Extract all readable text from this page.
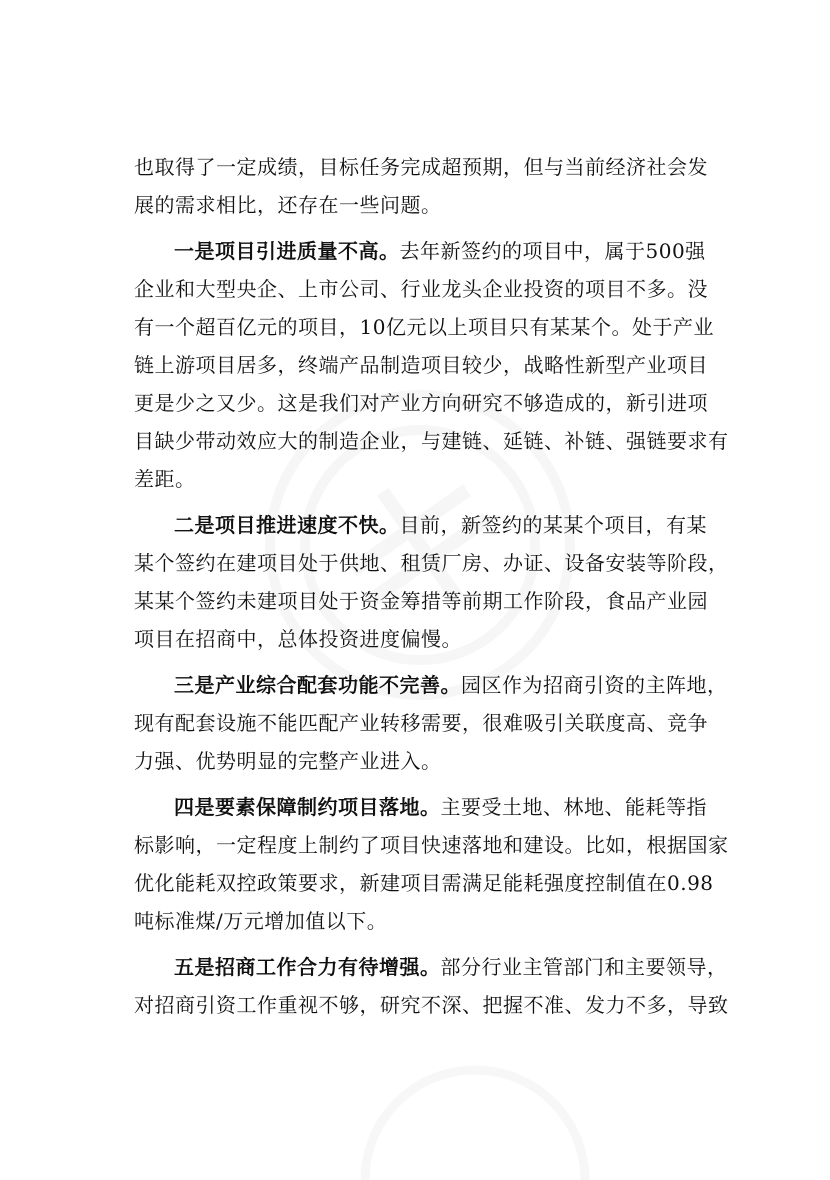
也取得了一定成绩，目标任务完成超预期，但与当前经济社会发
展的需求相比，还存在一些问题。

一是项目引进质量不高。去年新签约的项目中，属于500强
企业和大型央企、上市公司、行业龙头企业投资的项目不多。没
有一个超百亿元的项目，10亿元以上项目只有某某个。处于产业
链上游项目居多，终端产品制造项目较少，战略性新型产业项目
更是少之又少。这是我们对产业方向研究不够造成的，新引进项
目缺少带动效应大的制造企业，与建链、延链、补链、强链要求有
差距。

二是项目推进速度不快。目前，新签约的某某个项目，有某
某个签约在建项目处于供地、租赁厂房、办证、设备安装等阶段，
某某个签约未建项目处于资金筹措等前期工作阶段，食品产业园
项目在招商中，总体投资进度偏慢。

三是产业综合配套功能不完善。园区作为招商引资的主阵地，
现有配套设施不能匹配产业转移需要，很难吸引关联度高、竞争
力强、优势明显的完整产业进入。

四是要素保障制约项目落地。主要受土地、林地、能耗等指
标影响，一定程度上制约了项目快速落地和建设。比如，根据国家
优化能耗双控政策要求，新建项目需满足能耗强度控制值在0.98
吨标准煤/万元增加值以下。

五是招商工作合力有待增强。部分行业主管部门和主要领导，
对招商引资工作重视不够，研究不深、把握不准、发力不多，导致
